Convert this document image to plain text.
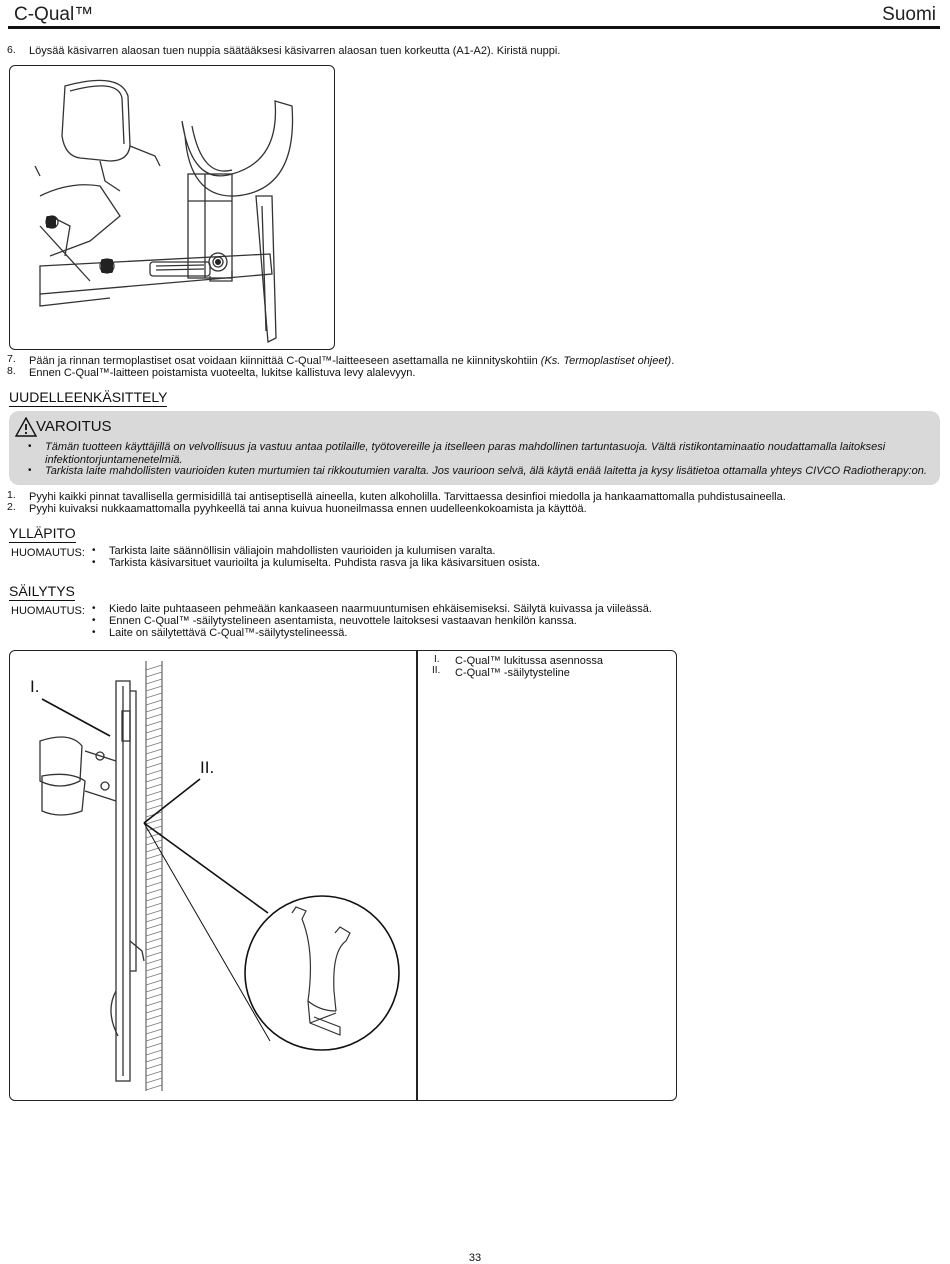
C-Qual™	Suomi
6.	Löysää käsivarren alaosan tuen nuppia säätääksesi käsivarren alaosan tuen korkeutta (A1-A2). Kiristä nuppi.
7.	Pään ja rinnan termoplastiset osat voidaan kiinnittää C-Qual™-laitteeseen asettamalla ne kiinnityskohtiin (Ks. Termoplastiset ohjeet).
8.	Ennen C-Qual™-laitteen poistamista vuoteelta, lukitse kallistuva levy alalevyyn.
UUDELLEENKÄSITTELY
VAROITUS
• Tämän tuotteen käyttäjillä on velvollisuus ja vastuu antaa potilaille, työtovereille ja itselleen paras mahdollinen tartuntasuoja. Vältä ristikontaminaatio noudattamalla laitoksesi infektiontorjuntamenetelmiä.
• Tarkista laite mahdollisten vaurioiden kuten murtumien tai rikkoutumien varalta. Jos vaurioon selvä, älä käytä enää laitetta ja kysy lisätietoa ottamalla yhteys CIVCO Radiotherapy:on.
1.	Pyyhi kaikki pinnat tavallisella germisidillä tai antiseptisellä aineella, kuten alkoholilla. Tarvittaessa desinfioi miedolla ja hankaamattomalla puhdistusaineella.
2.	Pyyhi kuivaksi nukkaamattomalla pyyhkeellä tai anna kuivua huoneilmassa ennen uudelleenkokoamista ja käyttöä.
YLLÄPITO
HUOMAUTUS: • Tarkista laite säännöllisin väliajoin mahdollisten vaurioiden ja kulumisen varalta.
• Tarkista käsivarsituet vaurioilta ja kulumiselta. Puhdista rasva ja lika käsivarsituen osista.
SÄILYTYS
HUOMAUTUS: • Kiedo laite puhtaaseen pehmeään kankaaseen naarmuuntumisen ehkäisemiseksi. Säilytä kuivassa ja viileässä.
• Ennen C-Qual™ -säilytystelineen asentamista, neuvottele laitoksesi vastaavan henkilön kanssa.
• Laite on säilytettävä C-Qual™-säilytystelineessä.
I.
II.
I. C-Qual™ lukitussa asennossa
II. C-Qual™ -säilytysteline
33
